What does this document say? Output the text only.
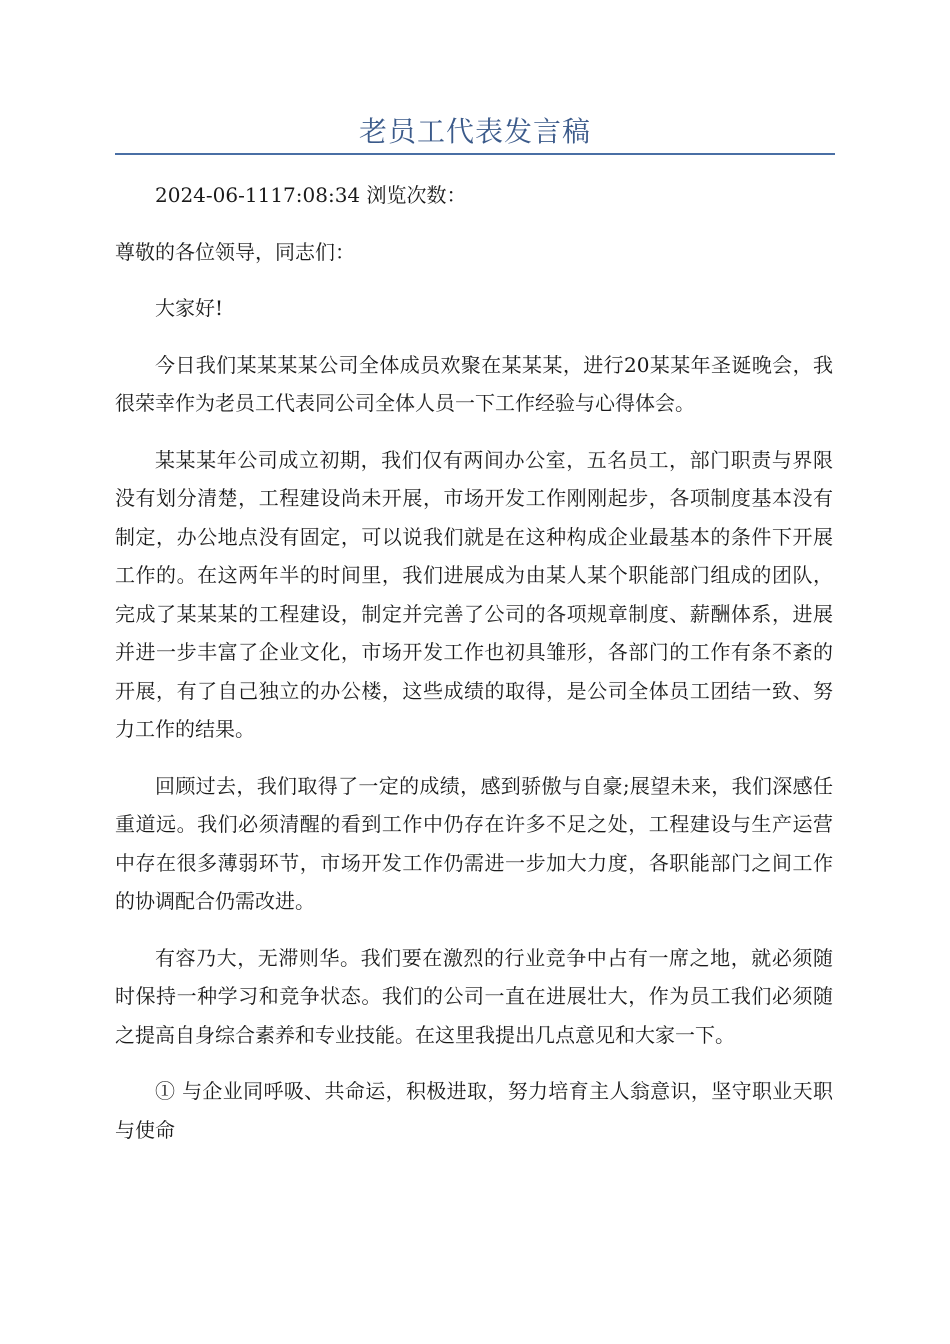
老员工代表发言稿

2024-06-1117:08:34 浏览次数：

尊敬的各位领导，同志们：

大家好!

今日我们某某某某公司全体成员欢聚在某某某，进行20某某年圣诞晚会，我很荣幸作为老员工代表同公司全体人员一下工作经验与心得体会。

某某某年公司成立初期，我们仅有两间办公室，五名员工，部门职责与界限没有划分清楚，工程建设尚未开展，市场开发工作刚刚起步，各项制度基本没有制定，办公地点没有固定，可以说我们就是在这种构成企业最基本的条件下开展工作的。在这两年半的时间里，我们进展成为由某人某个职能部门组成的团队，完成了某某某的工程建设，制定并完善了公司的各项规章制度、薪酬体系，进展并进一步丰富了企业文化，市场开发工作也初具雏形，各部门的工作有条不紊的开展，有了自己独立的办公楼，这些成绩的取得，是公司全体员工团结一致、努力工作的结果。

回顾过去，我们取得了一定的成绩，感到骄傲与自豪;展望未来，我们深感任重道远。我们必须清醒的看到工作中仍存在许多不足之处，工程建设与生产运营中存在很多薄弱环节，市场开发工作仍需进一步加大力度，各职能部门之间工作的协调配合仍需改进。

有容乃大，无滞则华。我们要在激烈的行业竞争中占有一席之地，就必须随时保持一种学习和竞争状态。我们的公司一直在进展壮大，作为员工我们必须随之提高自身综合素养和专业技能。在这里我提出几点意见和大家一下。

① 与企业同呼吸、共命运，积极进取，努力培育主人翁意识，坚守职业天职与使命
